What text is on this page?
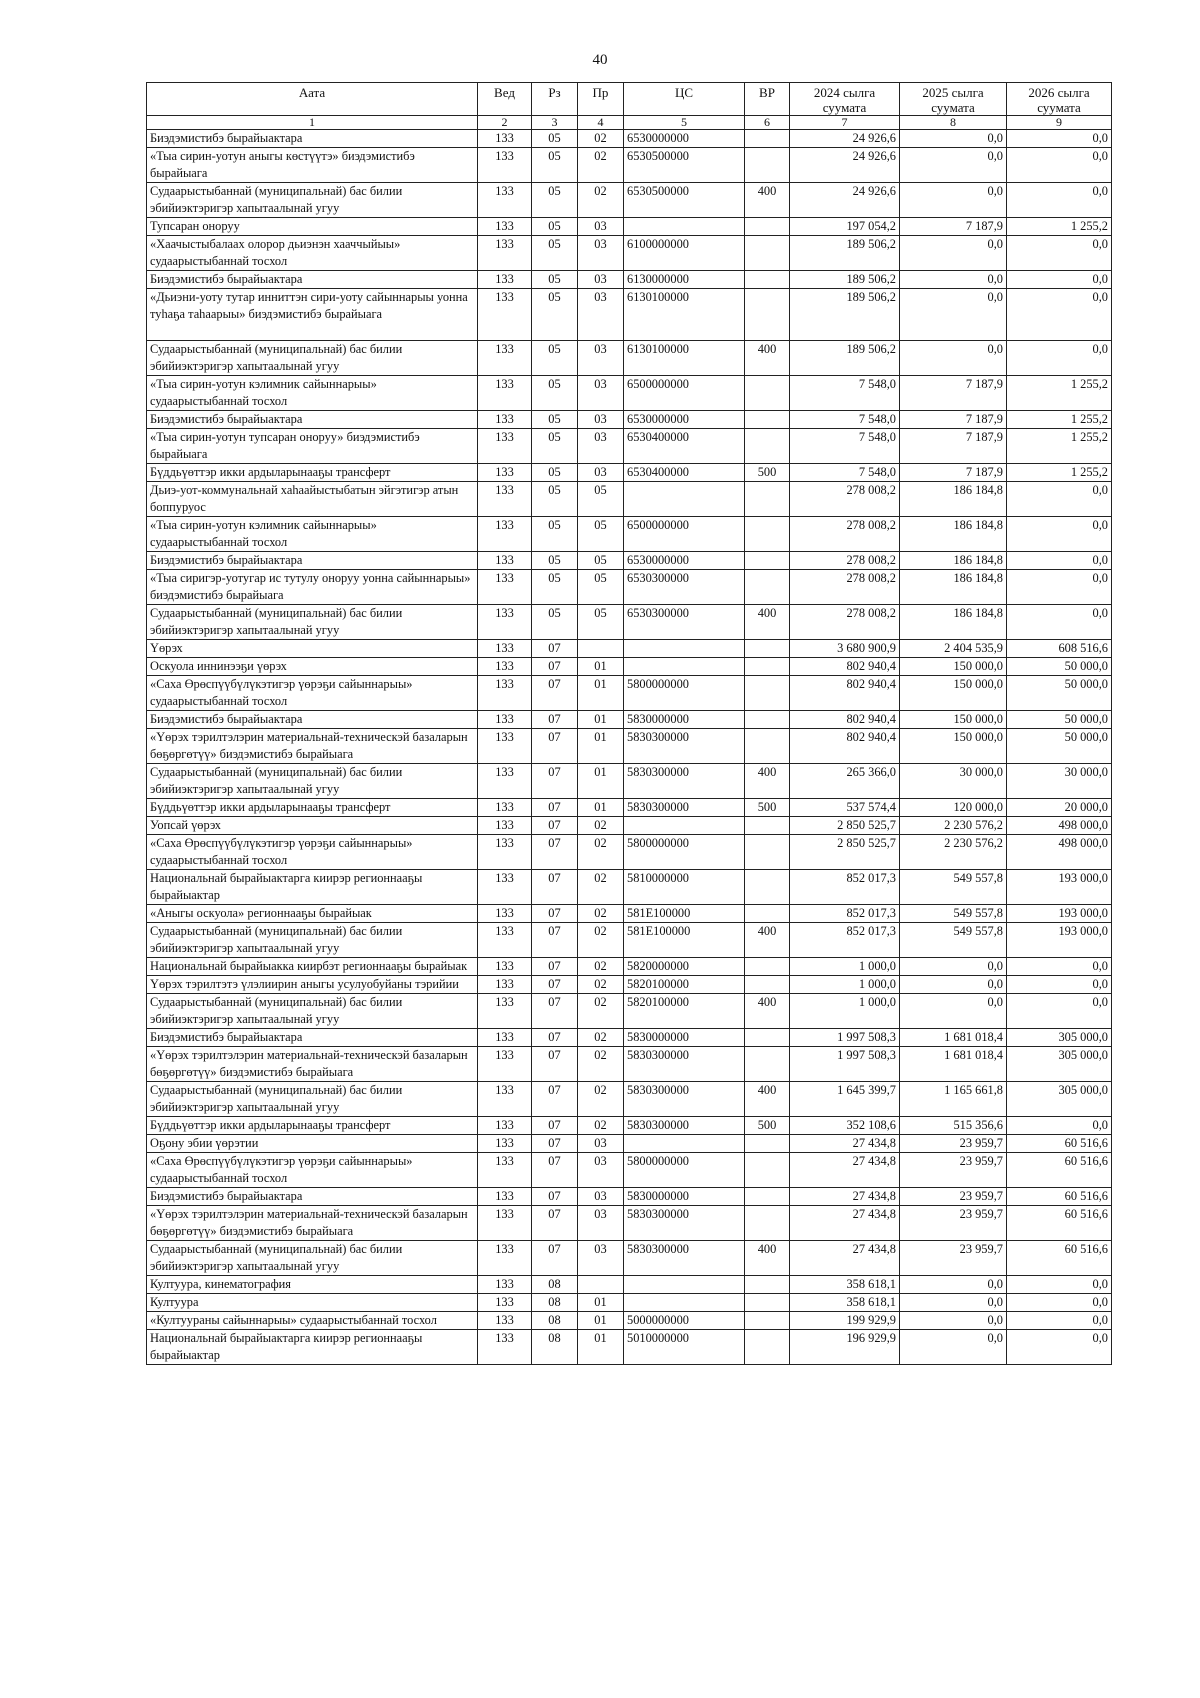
40
Аата	Вед	Рз	Пр	ЦС	ВР	2024 сылга суумата	2025 сылга суумата	2026 сылга суумата
1	2	3	4	5	6	7	8	9
Биэдэмистибэ бырайыактара	133	05	02	6530000000		24 926,6	0,0	0,0
«Тыа сирин-уотун аныгы көстүүтэ» биэдэмистибэ бырайыага	133	05	02	6530500000		24 926,6	0,0	0,0
Судаарыстыбаннай (муниципальнай) бас билии эбийиэктэригэр хапытаалынай угуу	133	05	02	6530500000	400	24 926,6	0,0	0,0
Тупсаран оноруу	133	05	03			197 054,2	7 187,9	1 255,2
«Хаачыстыбалаах олорор дьиэнэн хааччыйыы» судаарыстыбаннай тосхол	133	05	03	6100000000		189 506,2	0,0	0,0
Биэдэмистибэ бырайыактара	133	05	03	6130000000		189 506,2	0,0	0,0
«Дьиэни-уоту тутар инниттэн сири-уоту сайыннарыы уонна туһаҕа таһаарыы» биэдэмистибэ бырайыага	133	05	03	6130100000		189 506,2	0,0	0,0
Судаарыстыбаннай (муниципальнай) бас билии эбийиэктэригэр хапытаалынай угуу	133	05	03	6130100000	400	189 506,2	0,0	0,0
«Тыа сирин-уотун кэлимник сайыннарыы» судаарыстыбаннай тосхол	133	05	03	6500000000		7 548,0	7 187,9	1 255,2
Биэдэмистибэ бырайыактара	133	05	03	6530000000		7 548,0	7 187,9	1 255,2
«Тыа сирин-уотун тупсаран оноруу» биэдэмистибэ бырайыага	133	05	03	6530400000		7 548,0	7 187,9	1 255,2
Бүддьүөттэр икки ардыларынааҕы трансферт	133	05	03	6530400000	500	7 548,0	7 187,9	1 255,2
Дьиэ-уот-коммунальнай хаһаайыстыбатын эйгэтигэр атын боппуруос	133	05	05			278 008,2	186 184,8	0,0
«Тыа сирин-уотун кэлимник сайыннарыы» судаарыстыбаннай тосхол	133	05	05	6500000000		278 008,2	186 184,8	0,0
Биэдэмистибэ бырайыактара	133	05	05	6530000000		278 008,2	186 184,8	0,0
«Тыа сиригэр-уотугар ис тутулу оноруу уонна сайыннарыы» биэдэмистибэ бырайыага	133	05	05	6530300000		278 008,2	186 184,8	0,0
Судаарыстыбаннай (муниципальнай) бас билии эбийиэктэригэр хапытаалынай угуу	133	05	05	6530300000	400	278 008,2	186 184,8	0,0
Үөрэх	133	07				3 680 900,9	2 404 535,9	608 516,6
Оскуола иннинээҕи үөрэх	133	07	01			802 940,4	150 000,0	50 000,0
«Саха Өрөспүүбүлүкэтигэр үөрэҕи сайыннарыы» судаарыстыбаннай тосхол	133	07	01	5800000000		802 940,4	150 000,0	50 000,0
Биэдэмистибэ бырайыактара	133	07	01	5830000000		802 940,4	150 000,0	50 000,0
«Үөрэх тэрилтэлэрин материальнай-техническэй базаларын бөҕөргөтүү» биэдэмистибэ бырайыага	133	07	01	5830300000		802 940,4	150 000,0	50 000,0
Судаарыстыбаннай (муниципальнай) бас билии эбийиэктэригэр хапытаалынай угуу	133	07	01	5830300000	400	265 366,0	30 000,0	30 000,0
Бүддьүөттэр икки ардыларынааҕы трансферт	133	07	01	5830300000	500	537 574,4	120 000,0	20 000,0
Уопсай үөрэх	133	07	02			2 850 525,7	2 230 576,2	498 000,0
«Саха Өрөспүүбүлүкэтигэр үөрэҕи сайыннарыы» судаарыстыбаннай тосхол	133	07	02	5800000000		2 850 525,7	2 230 576,2	498 000,0
Национальнай бырайыактарга киирэр регионнааҕы бырайыактар	133	07	02	5810000000		852 017,3	549 557,8	193 000,0
«Аныгы оскуола» регионнааҕы бырайыак	133	07	02	581Е100000		852 017,3	549 557,8	193 000,0
Судаарыстыбаннай (муниципальнай) бас билии эбийиэктэригэр хапытаалынай угуу	133	07	02	581Е100000	400	852 017,3	549 557,8	193 000,0
Национальнай бырайыакка киирбэт регионнааҕы бырайыак	133	07	02	5820000000		1 000,0	0,0	0,0
Үөрэх тэрилтэтэ үлэлиирин аныгы усулуобуйаны тэрийии	133	07	02	5820100000		1 000,0	0,0	0,0
Судаарыстыбаннай (муниципальнай) бас билии эбийиэктэригэр хапытаалынай угуу	133	07	02	5820100000	400	1 000,0	0,0	0,0
Биэдэмистибэ бырайыактара	133	07	02	5830000000		1 997 508,3	1 681 018,4	305 000,0
«Үөрэх тэрилтэлэрин материальнай-техническэй базаларын бөҕөргөтүү» биэдэмистибэ бырайыага	133	07	02	5830300000		1 997 508,3	1 681 018,4	305 000,0
Судаарыстыбаннай (муниципальнай) бас билии эбийиэктэригэр хапытаалынай угуу	133	07	02	5830300000	400	1 645 399,7	1 165 661,8	305 000,0
Бүддьүөттэр икки ардыларынааҕы трансферт	133	07	02	5830300000	500	352 108,6	515 356,6	0,0
Оҕону эбии үөрэтии	133	07	03			27 434,8	23 959,7	60 516,6
«Саха Өрөспүүбүлүкэтигэр үөрэҕи сайыннарыы» судаарыстыбаннай тосхол	133	07	03	5800000000		27 434,8	23 959,7	60 516,6
Биэдэмистибэ бырайыактара	133	07	03	5830000000		27 434,8	23 959,7	60 516,6
«Үөрэх тэрилтэлэрин материальнай-техническэй базаларын бөҕөргөтүү» биэдэмистибэ бырайыага	133	07	03	5830300000		27 434,8	23 959,7	60 516,6
Судаарыстыбаннай (муниципальнай) бас билии эбийиэктэригэр хапытаалынай угуу	133	07	03	5830300000	400	27 434,8	23 959,7	60 516,6
Култуура, кинематография	133	08				358 618,1	0,0	0,0
Култуура	133	08	01			358 618,1	0,0	0,0
«Култуураны сайыннарыы» судаарыстыбаннай тосхол	133	08	01	5000000000		199 929,9	0,0	0,0
Национальнай бырайыактарга киирэр регионнааҕы бырайыактар	133	08	01	5010000000		196 929,9	0,0	0,0
